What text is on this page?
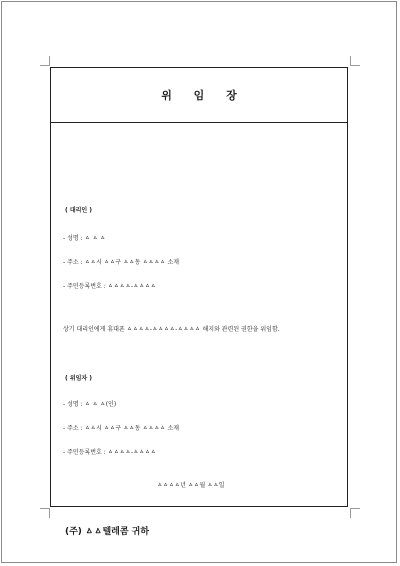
위 임 장
( 대리인 )
- 성명 : ㅿ ㅿ ㅿ
- 주소 : ㅿㅿ시 ㅿㅿ구 ㅿㅿ동 ㅿㅿㅿㅿ 소재
- 주민등록번호 : ㅿㅿㅿㅿ-ㅿㅿㅿㅿ
상기 대리인에게 휴대폰 ㅿㅿㅿㅿ-ㅿㅿㅿㅿ-ㅿㅿㅿㅿ 해지와 관련된 권한을 위임함.
( 위임자 )
- 성명 : ㅿ ㅿ ㅿ(인)
- 주소 : ㅿㅿ시 ㅿㅿ구 ㅿㅿ동 ㅿㅿㅿㅿ 소재
- 주민등록번호 : ㅿㅿㅿㅿ-ㅿㅿㅿㅿ
ㅿㅿㅿㅿ년 ㅿㅿ월 ㅿㅿ일
(주) ㅿㅿ텔레콤 귀하
